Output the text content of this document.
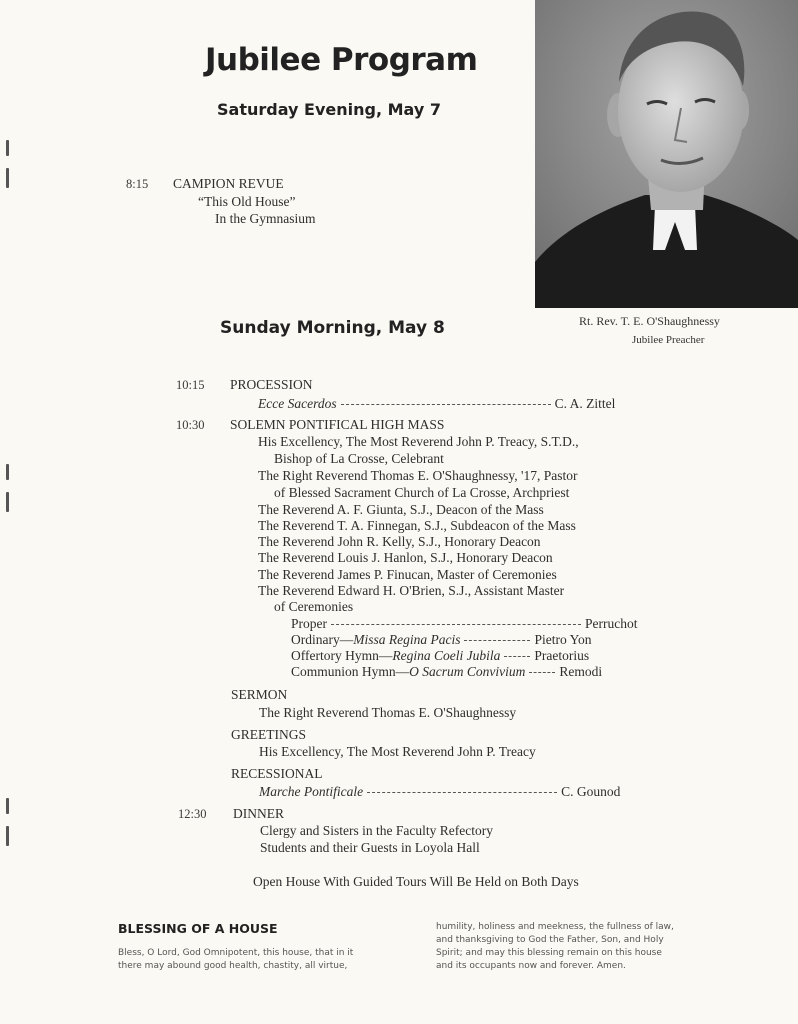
Jubilee Program
Saturday Evening, May 7
8:15 CAMPION REVUE
“This Old House”
In the Gymnasium
Rt. Rev. T. E. O'Shaughnessy
Jubilee Preacher
Sunday Morning, May 8
10:15 PROCESSION
Ecce Sacerdos	C. A. Zittel
10:30 SOLEMN PONTIFICAL HIGH MASS
His Excellency, The Most Reverend John P. Treacy, S.T.D.,
Bishop of La Crosse, Celebrant
The Right Reverend Thomas E. O'Shaughnessy, '17, Pastor
of Blessed Sacrament Church of La Crosse, Archpriest
The Reverend A. F. Giunta, S.J., Deacon of the Mass
The Reverend T. A. Finnegan, S.J., Subdeacon of the Mass
The Reverend John R. Kelly, S.J., Honorary Deacon
The Reverend Louis J. Hanlon, S.J., Honorary Deacon
The Reverend James P. Finucan, Master of Ceremonies
The Reverend Edward H. O'Brien, S.J., Assistant Master
of Ceremonies
Proper	Perruchot
Ordinary—Missa Regina Pacis	Pietro Yon
Offertory Hymn—Regina Coeli Jubila	Praetorius
Communion Hymn—O Sacrum Convivium	Remodi
SERMON
The Right Reverend Thomas E. O'Shaughnessy
GREETINGS
His Excellency, The Most Reverend John P. Treacy
RECESSIONAL
Marche Pontificale	C. Gounod
12:30 DINNER
Clergy and Sisters in the Faculty Refectory
Students and their Guests in Loyola Hall
Open House With Guided Tours Will Be Held on Both Days
BLESSING OF A HOUSE
Bless, O Lord, God Omnipotent, this house, that in it
there may abound good health, chastity, all virtue,
humility, holiness and meekness, the fullness of law,
and thanksgiving to God the Father, Son, and Holy
Spirit; and may this blessing remain on this house
and its occupants now and forever. Amen.
